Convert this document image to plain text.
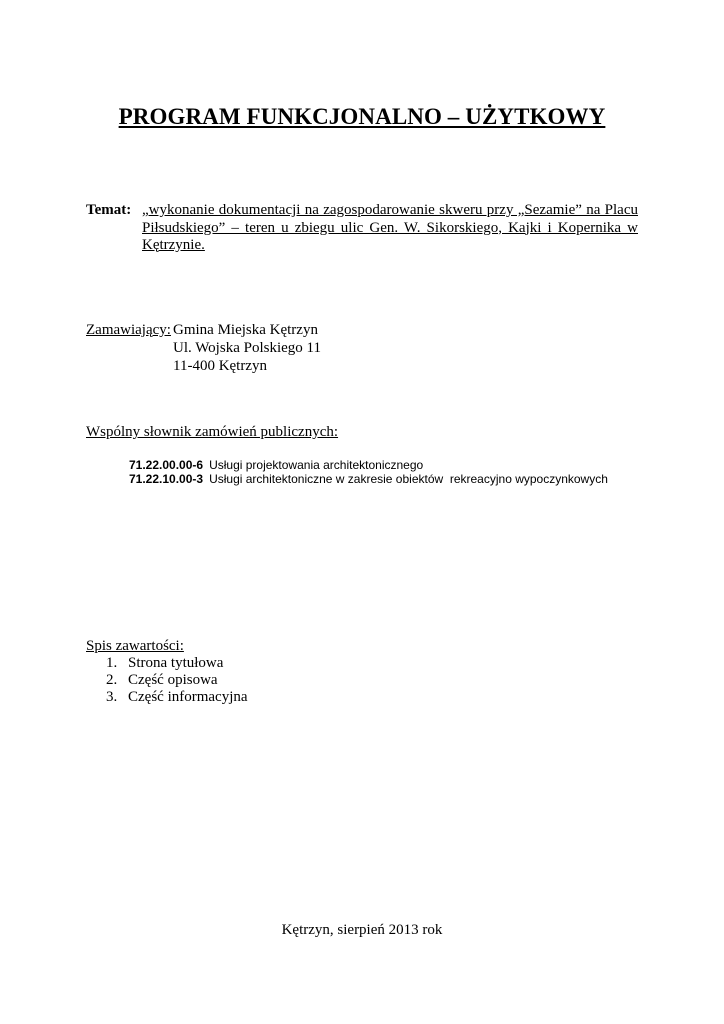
PROGRAM FUNKCJONALNO – UŻYTKOWY
Temat: „wykonanie dokumentacji na zagospodarowanie skweru przy „Sezamie” na Placu Piłsudskiego” – teren u zbiegu ulic Gen. W. Sikorskiego, Kajki i Kopernika w Kętrzynie.
Zamawiający: Gmina Miejska Kętrzyn
Ul. Wojska Polskiego 11
11-400 Kętrzyn
Wspólny słownik zamówień publicznych:
71.22.00.00-6 Usługi projektowania architektonicznego
71.22.10.00-3 Usługi architektoniczne w zakresie obiektów  rekreacyjno wypoczynkowych
Spis zawartości:
1. Strona tytułowa
2. Część opisowa
3. Część informacyjna
Kętrzyn, sierpień 2013 rok
